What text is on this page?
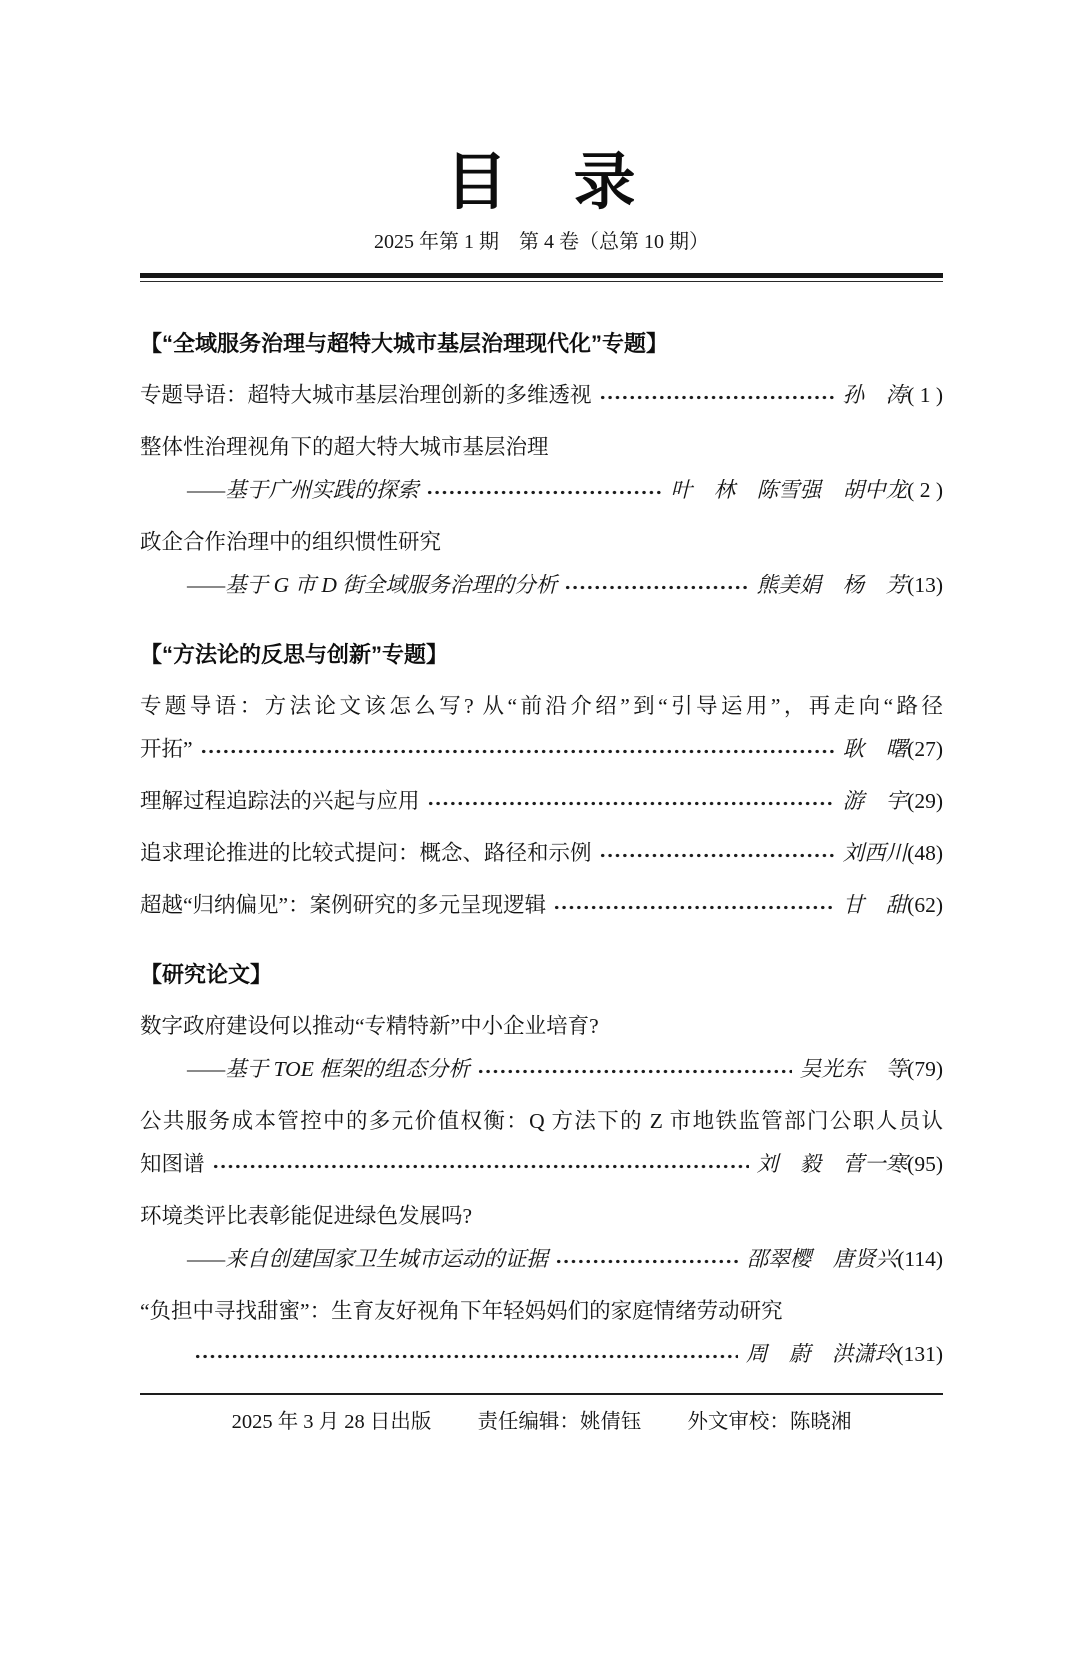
目　录
2025 年第 1 期　第 4 卷（总第 10 期）
【“全域服务治理与超特大城市基层治理现代化”专题】
专题导语：超特大城市基层治理创新的多维透视	孙　涛 ( 1 )
整体性治理视角下的超大特大城市基层治理
——基于广州实践的探索	叶　林　陈雪强　胡中龙 ( 2 )
政企合作治理中的组织惯性研究
——基于 G 市 D 街全域服务治理的分析	熊美娟　杨　芳 (13)
【“方法论的反思与创新”专题】
专题导语：方法论文该怎么写? 从“前沿介绍”到“引导运用”，再走向“路径
开拓”	耿　曙 (27)
理解过程追踪法的兴起与应用	游　宇 (29)
追求理论推进的比较式提问：概念、路径和示例	刘西川 (48)
超越“归纳偏见”：案例研究的多元呈现逻辑	甘　甜 (62)
【研究论文】
数字政府建设何以推动“专精特新”中小企业培育?
——基于 TOE 框架的组态分析	吴光东　等 (79)
公共服务成本管控中的多元价值权衡：Q 方法下的 Z 市地铁监管部门公职人员认
知图谱	刘　毅　菅一寒 (95)
环境类评比表彰能促进绿色发展吗?
——来自创建国家卫生城市运动的证据	邵翠樱　唐贤兴 (114)
“负担中寻找甜蜜”：生育友好视角下年轻妈妈们的家庭情绪劳动研究
周　蔚　洪潇玲 (131)
2025 年 3 月 28 日出版 责任编辑：姚倩钰 外文审校：陈晓湘
